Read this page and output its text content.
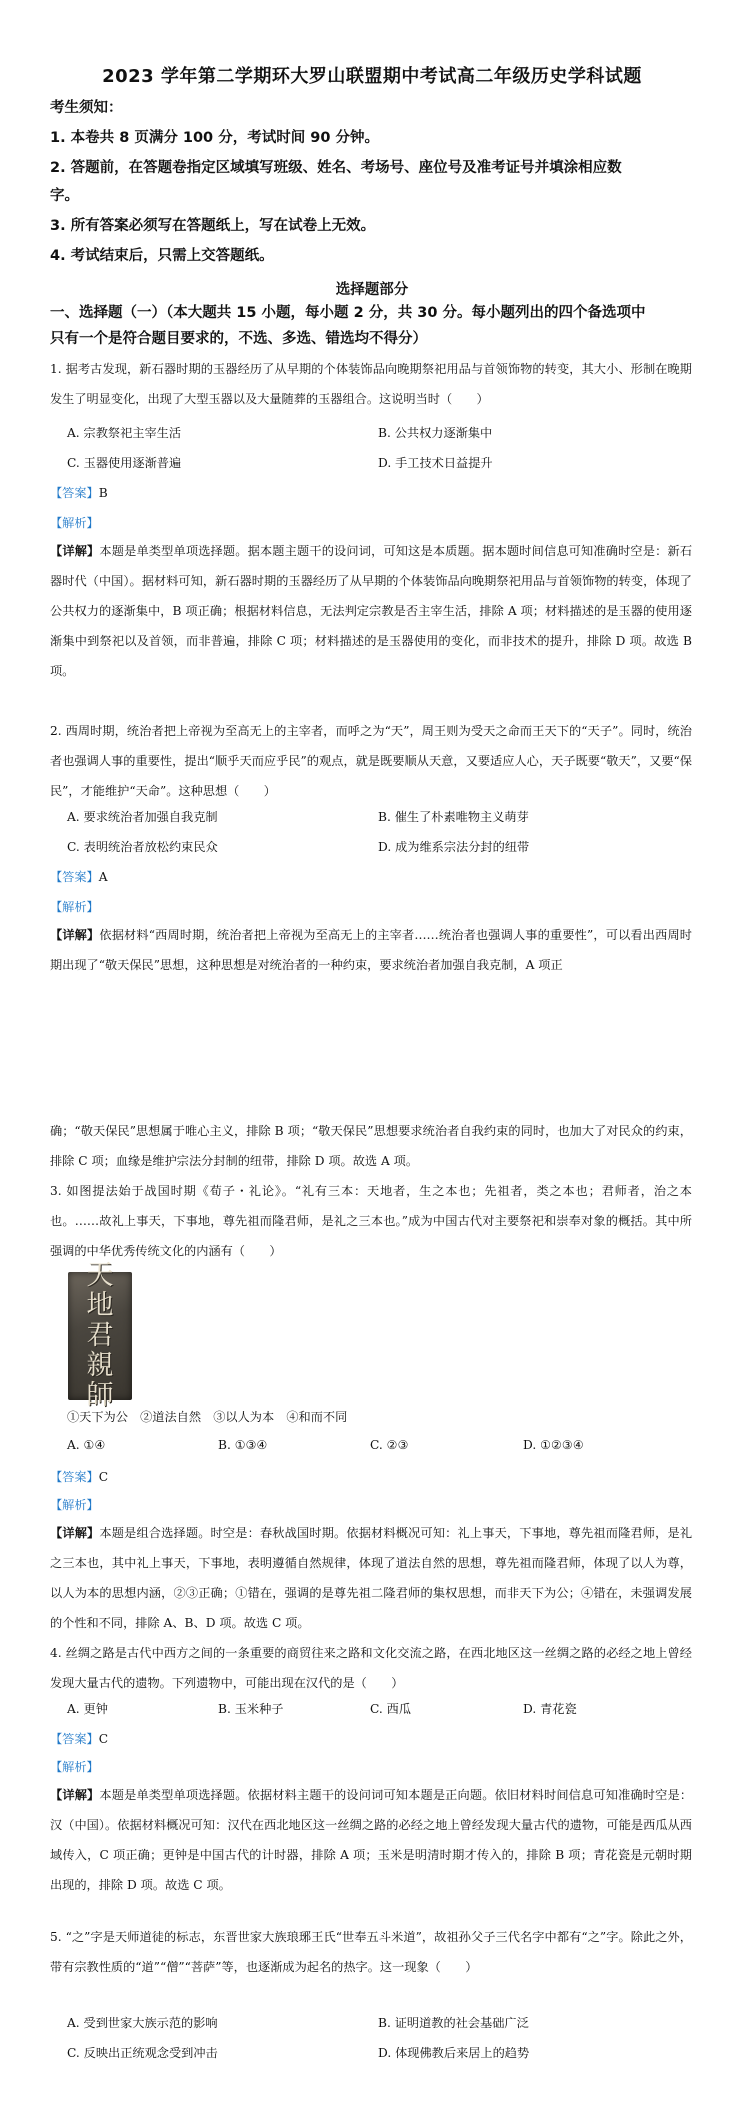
2023 学年第二学期环大罗山联盟期中考试高二年级历史学科试题
考生须知：
1. 本卷共 8 页满分 100 分，考试时间 90 分钟。
2. 答题前，在答题卷指定区域填写班级、姓名、考场号、座位号及准考证号并填涂相应数
字。
3. 所有答案必须写在答题纸上，写在试卷上无效。
4. 考试结束后，只需上交答题纸。
选择题部分
一、选择题（一）（本大题共 15 小题，每小题 2 分，共 30 分。每小题列出的四个备选项中
只有一个是符合题目要求的，不选、多选、错选均不得分）
1. 据考古发现，新石器时期的玉器经历了从早期的个体装饰品向晚期祭祀用品与首领饰物的转变，其大小、形制在晚期发生了明显变化，出现了大型玉器以及大量随葬的玉器组合。这说明当时（　　）
A. 宗教祭祀主宰生活	B. 公共权力逐渐集中
C. 玉器使用逐渐普遍	D. 手工技术日益提升
【答案】B
【解析】
【详解】本题是单类型单项选择题。据本题主题干的设问词，可知这是本质题。据本题时间信息可知准确时空是：新石器时代（中国）。据材料可知，新石器时期的玉器经历了从早期的个体装饰品向晚期祭祀用品与首领饰物的转变，体现了公共权力的逐渐集中，B 项正确；根据材料信息，无法判定宗教是否主宰生活，排除 A 项；材料描述的是玉器的使用逐渐集中到祭祀以及首领，而非普遍，排除 C 项；材料描述的是玉器使用的变化，而非技术的提升，排除 D 项。故选 B 项。
2. 西周时期，统治者把上帝视为至高无上的主宰者，而呼之为“天”，周王则为受天之命而王天下的“天子”。同时，统治者也强调人事的重要性，提出“顺乎天而应乎民”的观点，就是既要顺从天意，又要适应人心，天子既要“敬天”，又要“保民”，才能维护“天命”。这种思想（　　）
A. 要求统治者加强自我克制	B. 催生了朴素唯物主义萌芽
C. 表明统治者放松约束民众	D. 成为维系宗法分封的纽带
【答案】A
【解析】
【详解】依据材料“西周时期，统治者把上帝视为至高无上的主宰者……统治者也强调人事的重要性”，可以看出西周时期出现了“敬天保民”思想，这种思想是对统治者的一种约束，要求统治者加强自我克制，A 项正
确；“敬天保民”思想属于唯心主义，排除 B 项；“敬天保民”思想要求统治者自我约束的同时，也加大了对民众的约束，排除 C 项；血缘是维护宗法分封制的纽带，排除 D 项。故选 A 项。
3. 如图提法始于战国时期《荀子・礼论》。“礼有三本：天地者，生之本也；先祖者，类之本也；君师者，治之本也。……故礼上事天，下事地，尊先祖而隆君师，是礼之三本也。”成为中国古代对主要祭祀和崇奉对象的概括。其中所强调的中华优秀传统文化的内涵有（　　）
天
地
君
親
師
①天下为公　②道法自然　③以人为本　④和而不同
A. ①④	B. ①③④	C. ②③	D. ①②③④
【答案】C
【解析】
【详解】本题是组合选择题。时空是：春秋战国时期。依据材料概况可知：礼上事天，下事地，尊先祖而隆君师，是礼之三本也，其中礼上事天，下事地，表明遵循自然规律，体现了道法自然的思想，尊先祖而隆君师，体现了以人为尊，以人为本的思想内涵，②③正确；①错在，强调的是尊先祖二隆君师的集权思想，而非天下为公；④错在，未强调发展的个性和不同，排除 A、B、D 项。故选 C 项。
4. 丝绸之路是古代中西方之间的一条重要的商贸往来之路和文化交流之路，在西北地区这一丝绸之路的必经之地上曾经发现大量古代的遗物。下列遗物中，可能出现在汉代的是（　　）
A. 更钟	B. 玉米种子	C. 西瓜	D. 青花瓷
【答案】C
【解析】
【详解】本题是单类型单项选择题。依据材料主题干的设问词可知本题是正向题。依旧材料时间信息可知准确时空是：汉（中国）。依据材料概况可知：汉代在西北地区这一丝绸之路的必经之地上曾经发现大量古代的遗物，可能是西瓜从西域传入，C 项正确；更钟是中国古代的计时器，排除 A 项；玉米是明清时期才传入的，排除 B 项；青花瓷是元朝时期出现的，排除 D 项。故选 C 项。
5. “之”字是天师道徒的标志，东晋世家大族琅琊王氏“世奉五斗米道”，故祖孙父子三代名字中都有“之”字。除此之外，带有宗教性质的“道”“僧”“菩萨”等，也逐渐成为起名的热字。这一现象（　　）
A. 受到世家大族示范的影响	B. 证明道教的社会基础广泛
C. 反映出正统观念受到冲击	D. 体现佛教后来居上的趋势
